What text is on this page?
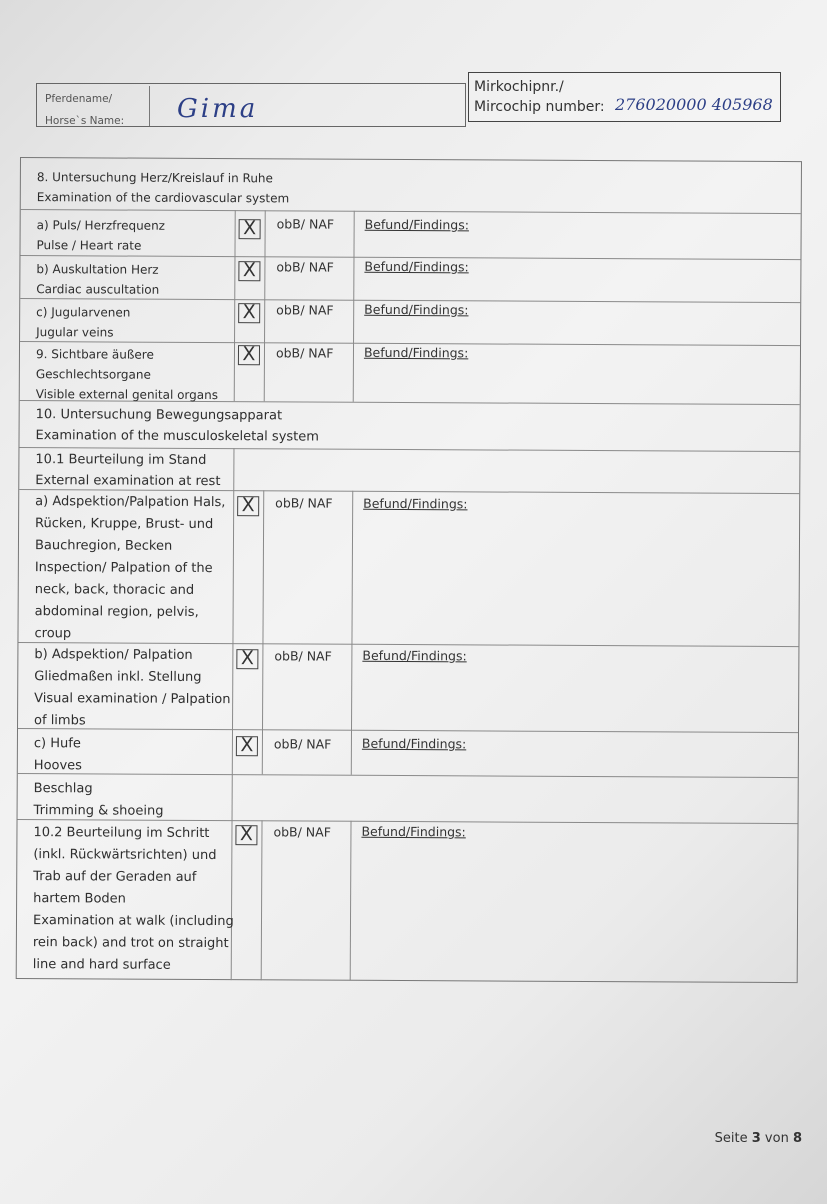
Pferdename/
Horse`s Name: Gima
Mirkochipnr./
Mircochip number: 276020000 405968
8. Untersuchung Herz/Kreislauf in Ruhe
Examination of the cardiovascular system
a) Puls/ Herzfrequenz
Pulse / Heart rate
X obB/ NAF Befund/Findings:
b) Auskultation Herz
Cardiac auscultation
X obB/ NAF Befund/Findings:
c) Jugularvenen
Jugular veins
X obB/ NAF Befund/Findings:
9. Sichtbare äußere
Geschlechtsorgane
Visible external genital organs
X obB/ NAF Befund/Findings:
10. Untersuchung Bewegungsapparat
Examination of the musculoskeletal system
10.1 Beurteilung im Stand
External examination at rest
a) Adspektion/Palpation Hals,
Rücken, Kruppe, Brust- und
Bauchregion, Becken
Inspection/ Palpation of the
neck, back, thoracic and
abdominal region, pelvis,
croup
X obB/ NAF Befund/Findings:
b) Adspektion/ Palpation
Gliedmaßen inkl. Stellung
Visual examination / Palpation
of limbs
X obB/ NAF Befund/Findings:
c) Hufe
Hooves
X obB/ NAF Befund/Findings:
Beschlag
Trimming & shoeing
10.2 Beurteilung im Schritt
(inkl. Rückwärtsrichten) und
Trab auf der Geraden auf
hartem Boden
Examination at walk (including
rein back) and trot on straight
line and hard surface
X obB/ NAF Befund/Findings:
Seite 3 von 8
